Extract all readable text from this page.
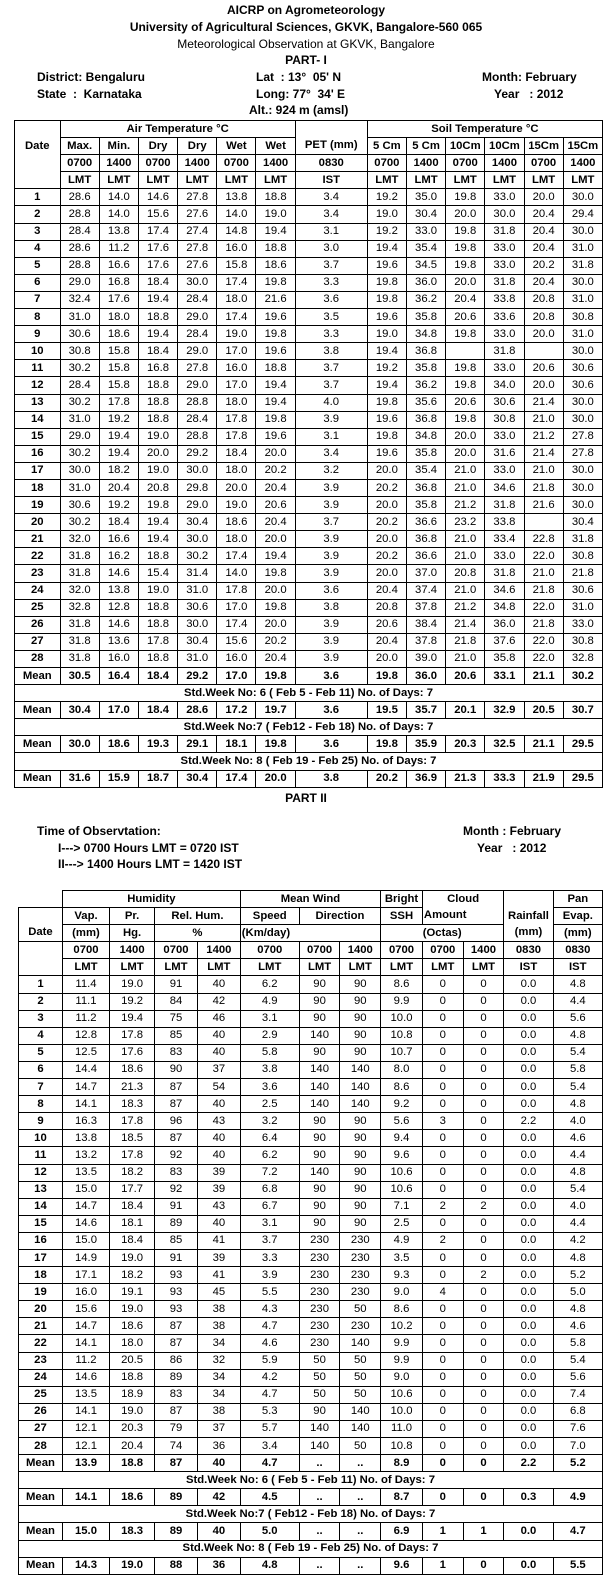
AICRP on Agrometeorology
University of Agricultural Sciences, GKVK, Bangalore-560 065
Meteorological Observation at GKVK, Bangalore
PART- I
District: Bengaluru
State  :  Karnataka
Lat  : 13°  05' N
Long: 77°  34' E
Alt.: 924 m (amsl)
Month: February
Year   : 2012
	Air Temperature °C							Soil Temperature °C					
Date	Max.	Min.	Dry	Dry	Wet	Wet	PET (mm)	5 Cm	5 Cm	10Cm	10Cm	15Cm	15Cm
	0700	1400	0700	1400	0700	1400	0830	0700	1400	0700	1400	0700	1400
	LMT	LMT	LMT	LMT	LMT	LMT	IST	LMT	LMT	LMT	LMT	LMT	LMT
1	28.6	14.0	14.6	27.8	13.8	18.8	3.4	19.2	35.0	19.8	33.0	20.0	30.0
2	28.8	14.0	15.6	27.6	14.0	19.0	3.4	19.0	30.4	20.0	30.0	20.4	29.4
3	28.4	13.8	17.4	27.4	14.8	19.4	3.1	19.2	33.0	19.8	31.8	20.4	30.0
4	28.6	11.2	17.6	27.8	16.0	18.8	3.0	19.4	35.4	19.8	33.0	20.4	31.0
5	28.8	16.6	17.6	27.6	15.8	18.6	3.7	19.6	34.5	19.8	33.0	20.2	31.8
6	29.0	16.8	18.4	30.0	17.4	19.8	3.3	19.8	36.0	20.0	31.8	20.4	30.0
7	32.4	17.6	19.4	28.4	18.0	21.6	3.6	19.8	36.2	20.4	33.8	20.8	31.0
8	31.0	18.0	18.8	29.0	17.4	19.6	3.5	19.6	35.8	20.6	33.6	20.8	30.8
9	30.6	18.6	19.4	28.4	19.0	19.8	3.3	19.0	34.8	19.8	33.0	20.0	31.0
10	30.8	15.8	18.4	29.0	17.0	19.6	3.8	19.4	36.8		31.8		30.0
11	30.2	15.8	16.8	27.8	16.0	18.8	3.7	19.2	35.8	19.8	33.0	20.6	30.6
12	28.4	15.8	18.8	29.0	17.0	19.4	3.7	19.4	36.2	19.8	34.0	20.0	30.6
13	30.2	17.8	18.8	28.8	18.0	19.4	4.0	19.8	35.6	20.6	30.6	21.4	30.0
14	31.0	19.2	18.8	28.4	17.8	19.8	3.9	19.6	36.8	19.8	30.8	21.0	30.0
15	29.0	19.4	19.0	28.8	17.8	19.6	3.1	19.8	34.8	20.0	33.0	21.2	27.8
16	30.2	19.4	20.0	29.2	18.4	20.0	3.4	19.6	35.8	20.0	31.6	21.4	27.8
17	30.0	18.2	19.0	30.0	18.0	20.2	3.2	20.0	35.4	21.0	33.0	21.0	30.0
18	31.0	20.4	20.8	29.8	20.0	20.4	3.9	20.2	36.8	21.0	34.6	21.8	30.0
19	30.6	19.2	19.8	29.0	19.0	20.6	3.9	20.0	35.8	21.2	31.8	21.6	30.0
20	30.2	18.4	19.4	30.4	18.6	20.4	3.7	20.2	36.6	23.2	33.8		30.4
21	32.0	16.6	19.4	30.0	18.0	20.0	3.9	20.0	36.8	21.0	33.4	22.8	31.8
22	31.8	16.2	18.8	30.2	17.4	19.4	3.9	20.2	36.6	21.0	33.0	22.0	30.8
23	31.8	14.6	15.4	31.4	14.0	19.8	3.9	20.0	37.0	20.8	31.8	21.0	21.8
24	32.0	13.8	19.0	31.0	17.8	20.0	3.6	20.4	37.4	21.0	34.6	21.8	30.6
25	32.8	12.8	18.8	30.6	17.0	19.8	3.8	20.8	37.8	21.2	34.8	22.0	31.0
26	31.8	14.6	18.8	30.0	17.4	20.0	3.9	20.6	38.4	21.4	36.0	21.8	33.0
27	31.8	13.6	17.8	30.4	15.6	20.2	3.9	20.4	37.8	21.8	37.6	22.0	30.8
28	31.8	16.0	18.8	31.0	16.0	20.4	3.9	20.0	39.0	21.0	35.8	22.0	32.8
Mean	30.5	16.4	18.4	29.2	17.0	19.8	3.6	19.8	36.0	20.6	33.1	21.1	30.2
Std.Week No: 6 ( Feb 5 - Feb 11) No. of Days: 7													
Mean	30.4	17.0	18.4	28.6	17.2	19.7	3.6	19.5	35.7	20.1	32.9	20.5	30.7
Std.Week No:7 ( Feb12 - Feb 18) No. of Days: 7													
Mean	30.0	18.6	19.3	29.1	18.1	19.8	3.6	19.8	35.9	20.3	32.5	21.1	29.5
Std.Week No: 8 ( Feb 19 - Feb 25) No. of Days: 7													
Mean	31.6	15.9	18.7	30.4	17.4	20.0	3.8	20.2	36.9	21.3	33.3	21.9	29.5
PART II
Time of Observtation:
I---> 0700 Hours LMT = 0720 IST
II---> 1400 Hours LMT = 1420 IST
Month : February
Year   : 2012
	Humidity				Mean Wind			Bright	Cloud			Pan
	Vap.	Pr.	Rel. Hum.		Speed	Direction		SSH	Amount		Rainfall	Evap.
Date	(mm)	Hg.	%		(Km/day)			(Octas)			(mm)	(mm)
	0700	1400	0700	1400	0700	0700	1400	0700	0700	1400	0830	0830
	LMT	LMT	LMT	LMT	LMT	LMT	LMT	LMT	LMT	LMT	IST	IST
1	11.4	19.0	91	40	6.2	90	90	8.6	0	0	0.0	4.8
2	11.1	19.2	84	42	4.9	90	90	9.9	0	0	0.0	4.4
3	11.2	19.4	75	46	3.1	90	90	10.0	0	0	0.0	5.6
4	12.8	17.8	85	40	2.9	140	90	10.8	0	0	0.0	4.8
5	12.5	17.6	83	40	5.8	90	90	10.7	0	0	0.0	5.4
6	14.4	18.6	90	37	3.8	140	140	8.0	0	0	0.0	5.8
7	14.7	21.3	87	54	3.6	140	140	8.6	0	0	0.0	5.4
8	14.1	18.3	87	40	2.5	140	140	9.2	0	0	0.0	4.8
9	16.3	17.8	96	43	3.2	90	90	5.6	3	0	2.2	4.0
10	13.8	18.5	87	40	6.4	90	90	9.4	0	0	0.0	4.6
11	13.2	17.8	92	40	6.2	90	90	9.6	0	0	0.0	4.4
12	13.5	18.2	83	39	7.2	140	90	10.6	0	0	0.0	4.8
13	15.0	17.7	92	39	6.8	90	90	10.6	0	0	0.0	5.4
14	14.7	18.4	91	43	6.7	90	90	7.1	2	2	0.0	4.0
15	14.6	18.1	89	40	3.1	90	90	2.5	0	0	0.0	4.4
16	15.0	18.4	85	41	3.7	230	230	4.9	2	0	0.0	4.2
17	14.9	19.0	91	39	3.3	230	230	3.5	0	0	0.0	4.8
18	17.1	18.2	93	41	3.9	230	230	9.3	0	2	0.0	5.2
19	16.0	19.1	93	45	5.5	230	230	9.0	4	0	0.0	5.0
20	15.6	19.0	93	38	4.3	230	50	8.6	0	0	0.0	4.8
21	14.7	18.6	87	38	4.7	230	230	10.2	0	0	0.0	4.6
22	14.1	18.0	87	34	4.6	230	140	9.9	0	0	0.0	5.8
23	11.2	20.5	86	32	5.9	50	50	9.9	0	0	0.0	5.4
24	14.6	18.8	89	34	4.2	50	50	9.0	0	0	0.0	5.6
25	13.5	18.9	83	34	4.7	50	50	10.6	0	0	0.0	7.4
26	14.1	19.0	87	38	5.3	90	140	10.0	0	0	0.0	6.8
27	12.1	20.3	79	37	5.7	140	140	11.0	0	0	0.0	7.6
28	12.1	20.4	74	36	3.4	140	50	10.8	0	0	0.0	7.0
Mean	13.9	18.8	87	40	4.7	..	..	8.9	0	0	2.2	5.2
Std.Week No: 6 ( Feb 5 - Feb 11) No. of Days: 7												
Mean	14.1	18.6	89	42	4.5	..	..	8.7	0	0	0.3	4.9
Std.Week No:7 ( Feb12 - Feb 18) No. of Days: 7												
Mean	15.0	18.3	89	40	5.0	..	..	6.9	1	1	0.0	4.7
Std.Week No: 8 ( Feb 19 - Feb 25) No. of Days: 7												
Mean	14.3	19.0	88	36	4.8	..	..	9.6	1	0	0.0	5.5
